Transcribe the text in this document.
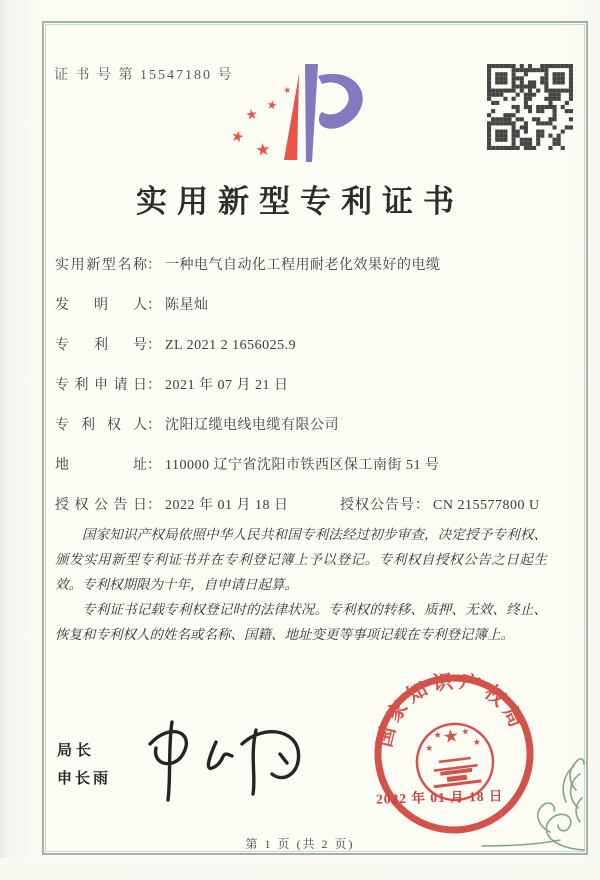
证 书 号 第 15547180 号
★
★
★
★
★
实用新型专利证书
实用新型名称： 一种电气自动化工程用耐老化效果好的电缆
发明人： 陈星灿
专利号： ZL 2021 2 1656025.9
专利申请日： 2021 年 07 月 21 日
专利权人： 沈阳辽缆电线电缆有限公司
地址： 110000 辽宁省沈阳市铁西区保工南街 51 号
授权公告日： 2022 年 01 月 18 日	授权公告号： CN 215577800 U

国家知识产权局依照中华人民共和国专利法经过初步审查，决定授予专利权、颁发实用新型专利证书并在专利登记簿上予以登记。专利权自授权公告之日起生效。专利权期限为十年，自申请日起算。

专利证书记载专利权登记时的法律状况。专利权的转移、质押、无效、终止、恢复和专利权人的姓名或名称、国籍、地址变更等事项记载在专利登记簿上。

局长
申长雨
国家知识产权局
★
★
★ ★
★
2022 年 01 月 18 日
第 1 页 (共 2 页)
